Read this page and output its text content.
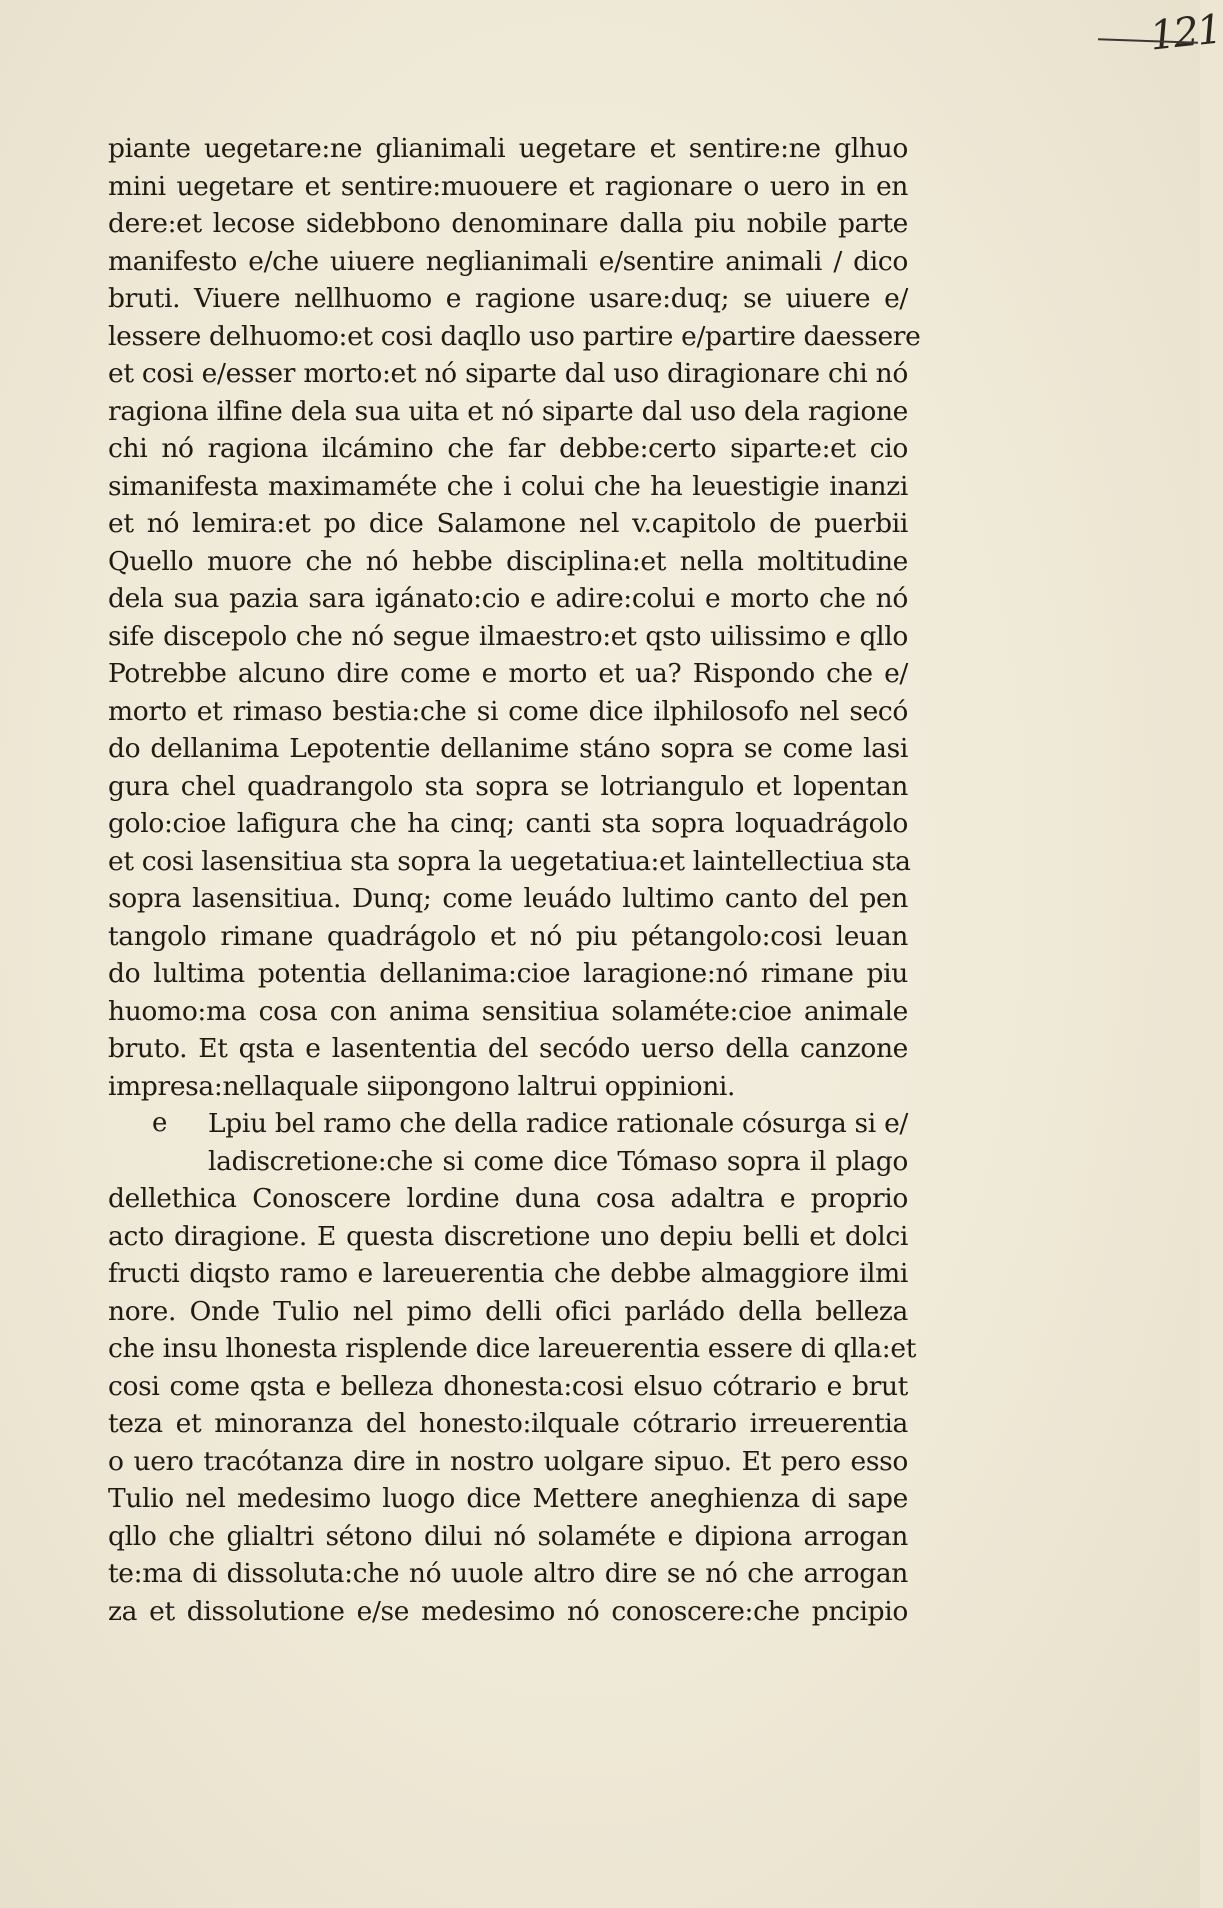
121
piante uegetare:ne glianimali uegetare et sentire:ne glhuo
mini uegetare et sentire:muouere et ragionare o uero in en
dere:et lecose sidebbono denominare dalla piu nobile parte
manifesto e/che uiuere neglianimali e/sentire animali / dico
bruti. Viuere nellhuomo e ragione usare:duq; se uiuere e/
lessere delhuomo:et cosi daqllo uso partire e/partire daessere
et cosi e/esser morto:et nó siparte dal uso diragionare chi nó
ragiona ilfine dela sua uita et nó siparte dal uso dela ragione
chi nó ragiona ilcámino che far debbe:certo siparte:et cio
simanifesta maximaméte che i colui che ha leuestigie inanzi
et nó lemira:et po dice Salamone nel v.capitolo de puerbii
Quello muore che nó hebbe disciplina:et nella moltitudine
dela sua pazia sara igánato:cio e adire:colui e morto che nó
sife discepolo che nó segue ilmaestro:et qsto uilissimo e qllo
Potrebbe alcuno dire come e morto et ua? Rispondo che e/
morto et rimaso bestia:che si come dice ilphilosofo nel secó
do dellanima Lepotentie dellanime stáno sopra se come lasi
gura chel quadrangolo sta sopra se lotriangulo et lopentan
golo:cioe lafigura che ha cinq; canti sta sopra loquadrágolo
et cosi lasensitiua sta sopra la uegetatiua:et laintellectiua sta
sopra lasensitiua. Dunq; come leuádo lultimo canto del pen
tangolo rimane quadrágolo et nó piu pétangolo:cosi leuan
do lultima potentia dellanima:cioe laragione:nó rimane piu
huomo:ma cosa con anima sensitiua solaméte:cioe animale
bruto. Et qsta e lasententia del secódo uerso della canzone
impresa:nellaquale siipongono laltrui oppinioni.
e Lpiu bel ramo che della radice rationale cósurga si e/
ladiscretione:che si come dice Tómaso sopra il plago
dellethica Conoscere lordine duna cosa adaltra e proprio
acto diragione. E questa discretione uno depiu belli et dolci
fructi diqsto ramo e lareuerentia che debbe almaggiore ilmi
nore. Onde Tulio nel pimo delli ofici parládo della belleza
che insu lhonesta risplende dice lareuerentia essere di qlla:et
cosi come qsta e belleza dhonesta:cosi elsuo cótrario e brut
teza et minoranza del honesto:ilquale cótrario irreuerentia
o uero tracótanza dire in nostro uolgare sipuo. Et pero esso
Tulio nel medesimo luogo dice Mettere aneghienza di sape
qllo che glialtri sétono dilui nó solaméte e dipiona arrogan
te:ma di dissoluta:che nó uuole altro dire se nó che arrogan
za et dissolutione e/se medesimo nó conoscere:che pncipio
